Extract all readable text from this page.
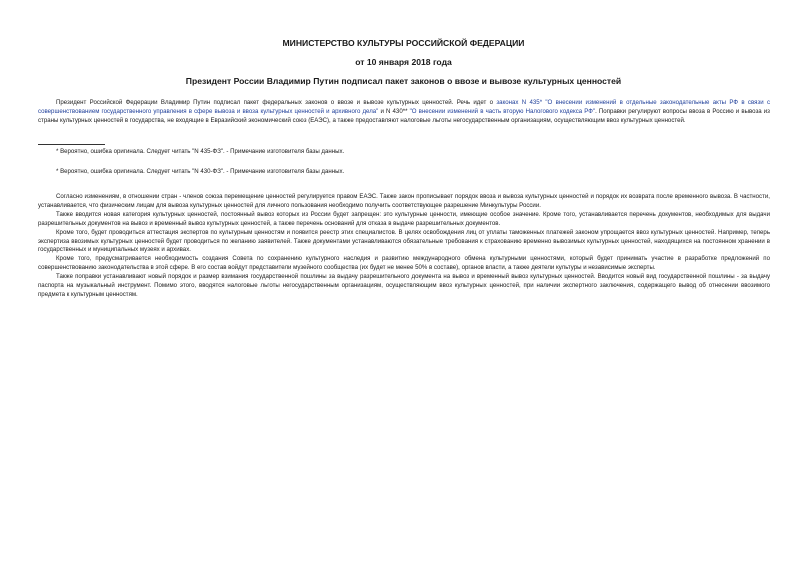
МИНИСТЕРСТВО КУЛЬТУРЫ РОССИЙСКОЙ ФЕДЕРАЦИИ
от 10 января 2018 года
Президент России Владимир Путин подписал пакет законов о ввозе и вывозе культурных ценностей

Президент Российской Федерации Владимир Путин подписал пакет федеральных законов о ввозе и вывозе культурных ценностей. Речь идет о законах N 435* "О внесении изменений в отдельные законодательные акты РФ в связи с совершенствованием государственного управления в сфере вывоза и ввоза культурных ценностей и архивного дела" и N 430** "О внесении изменений в часть вторую Налогового кодекса РФ". Поправки регулируют вопросы ввоза в Россию и вывоза из страны культурных ценностей в государства, не входящие в Евразийский экономический союз (ЕАЭС), а также предоставляют налоговые льготы негосударственным организациям, осуществляющим ввоз культурных ценностей.

* Вероятно, ошибка оригинала. Следует читать "N 435-ФЗ". - Примечание изготовителя базы данных.
* Вероятно, ошибка оригинала. Следует читать "N 430-ФЗ". - Примечание изготовителя базы данных.

Согласно изменениям, в отношении стран - членов союза перемещение ценностей регулируется правом ЕАЭС. Также закон прописывает порядок ввоза и вывоза культурных ценностей и порядок их возврата после временного вывоза. В частности, устанавливается, что физическим лицам для вывоза культурных ценностей для личного пользования необходимо получить соответствующее разрешение Минкультуры России.

Также вводится новая категория культурных ценностей, постоянный вывоз которых из России будет запрещен: это культурные ценности, имеющие особое значение. Кроме того, устанавливается перечень документов, необходимых для выдачи разрешительных документов на вывоз и временный вывоз культурных ценностей, а также перечень оснований для отказа в выдаче разрешительных документов.

Кроме того, будет проводиться аттестация экспертов по культурным ценностям и появится реестр этих специалистов. В целях освобождения лиц от уплаты таможенных платежей законом упрощается ввоз культурных ценностей. Например, теперь экспертиза ввозимых культурных ценностей будет проводиться по желанию заявителей. Также документами устанавливаются обязательные требования к страхованию временно вывозимых культурных ценностей, находящихся на постоянном хранении в государственных и муниципальных музеях и архивах.

Кроме того, предусматривается необходимость создания Совета по сохранению культурного наследия и развитию международного обмена культурными ценностями, который будет принимать участие в разработке предложений по совершенствованию законодательства в этой сфере. В его состав войдут представители музейного сообщества (их будет не менее 50% в составе), органов власти, а также деятели культуры и независимые эксперты.

Также поправки устанавливают новый порядок и размер взимания государственной пошлины за выдачу разрешительного документа на вывоз и временный вывоз культурных ценностей. Вводится новый вид государственной пошлины - за выдачу паспорта на музыкальный инструмент. Помимо этого, вводятся налоговые льготы негосударственным организациям, осуществляющим ввоз культурных ценностей, при наличии экспертного заключения, содержащего вывод об отнесении ввозимого предмета к культурным ценностям.
